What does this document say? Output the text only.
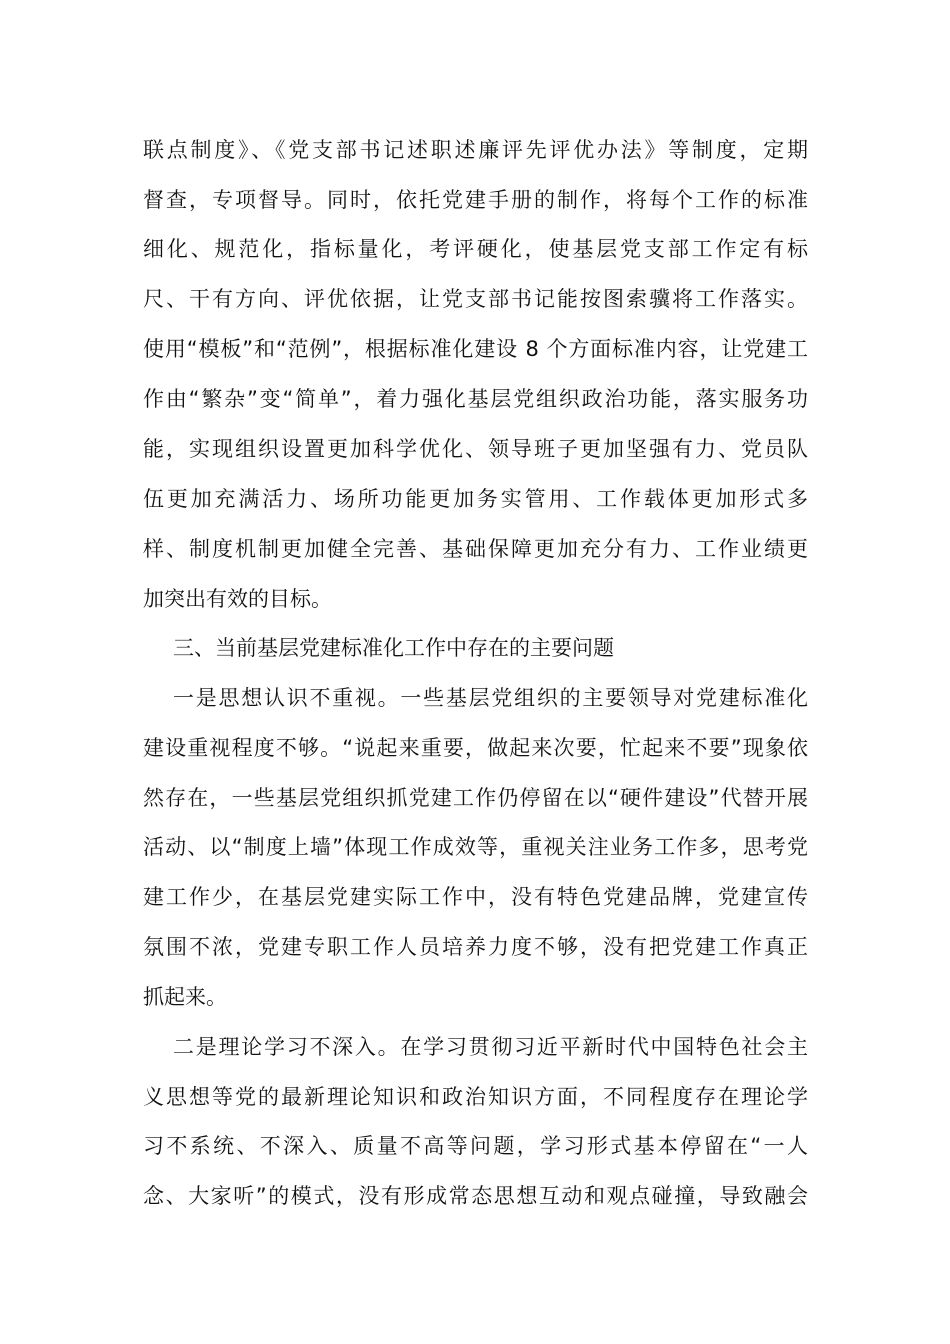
联点制度》、《党支部书记述职述廉评先评优办法》等制度，定期
督查，专项督导。同时，依托党建手册的制作，将每个工作的标准
细化、规范化，指标量化，考评硬化，使基层党支部工作定有标
尺、干有方向、评优依据，让党支部书记能按图索骥将工作落实。
使用“模板”和“范例”，根据标准化建设 8 个方面标准内容，让党建工
作由“繁杂”变“简单”，着力强化基层党组织政治功能，落实服务功
能，实现组织设置更加科学优化、领导班子更加坚强有力、党员队
伍更加充满活力、场所功能更加务实管用、工作载体更加形式多
样、制度机制更加健全完善、基础保障更加充分有力、工作业绩更
加突出有效的目标。
三、当前基层党建标准化工作中存在的主要问题
一是思想认识不重视。一些基层党组织的主要领导对党建标准化
建设重视程度不够。“说起来重要，做起来次要，忙起来不要”现象依
然存在，一些基层党组织抓党建工作仍停留在以“硬件建设”代替开展
活动、以“制度上墙”体现工作成效等，重视关注业务工作多，思考党
建工作少，在基层党建实际工作中，没有特色党建品牌，党建宣传
氛围不浓，党建专职工作人员培养力度不够，没有把党建工作真正
抓起来。
二是理论学习不深入。在学习贯彻习近平新时代中国特色社会主
义思想等党的最新理论知识和政治知识方面，不同程度存在理论学
习不系统、不深入、质量不高等问题，学习形式基本停留在“一人
念、大家听”的模式，没有形成常态思想互动和观点碰撞，导致融会
